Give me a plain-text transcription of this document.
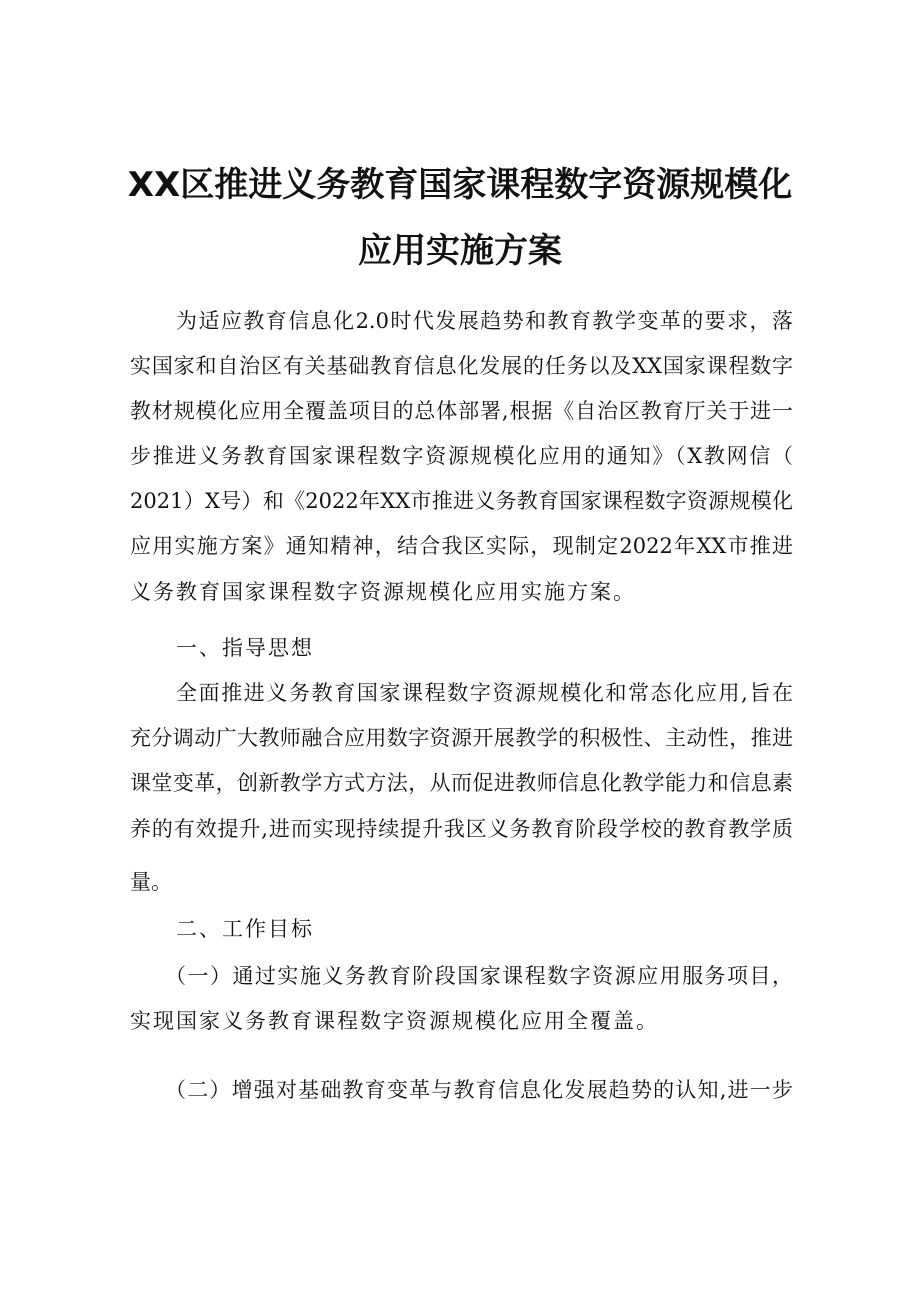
XX区推进义务教育国家课程数字资源规模化
应用实施方案
为适应教育信息化2.0时代发展趋势和教育教学变革的要求，落
实国家和自治区有关基础教育信息化发展的任务以及XX国家课程数字
教材规模化应用全覆盖项目的总体部署,根据《自治区教育厅关于进一
步推进义务教育国家课程数字资源规模化应用的通知》（X教网信（
2021）X号）和《2022年XX市推进义务教育国家课程数字资源规模化
应用实施方案》通知精神，结合我区实际，现制定2022年XX市推进
义务教育国家课程数字资源规模化应用实施方案。
一、指导思想
全面推进义务教育国家课程数字资源规模化和常态化应用,旨在
充分调动广大教师融合应用数字资源开展教学的积极性、主动性，推进
课堂变革，创新教学方式方法，从而促进教师信息化教学能力和信息素
养的有效提升,进而实现持续提升我区义务教育阶段学校的教育教学质
量。
二、工作目标
（一）通过实施义务教育阶段国家课程数字资源应用服务项目，
实现国家义务教育课程数字资源规模化应用全覆盖。
（二）增强对基础教育变革与教育信息化发展趋势的认知,进一步
